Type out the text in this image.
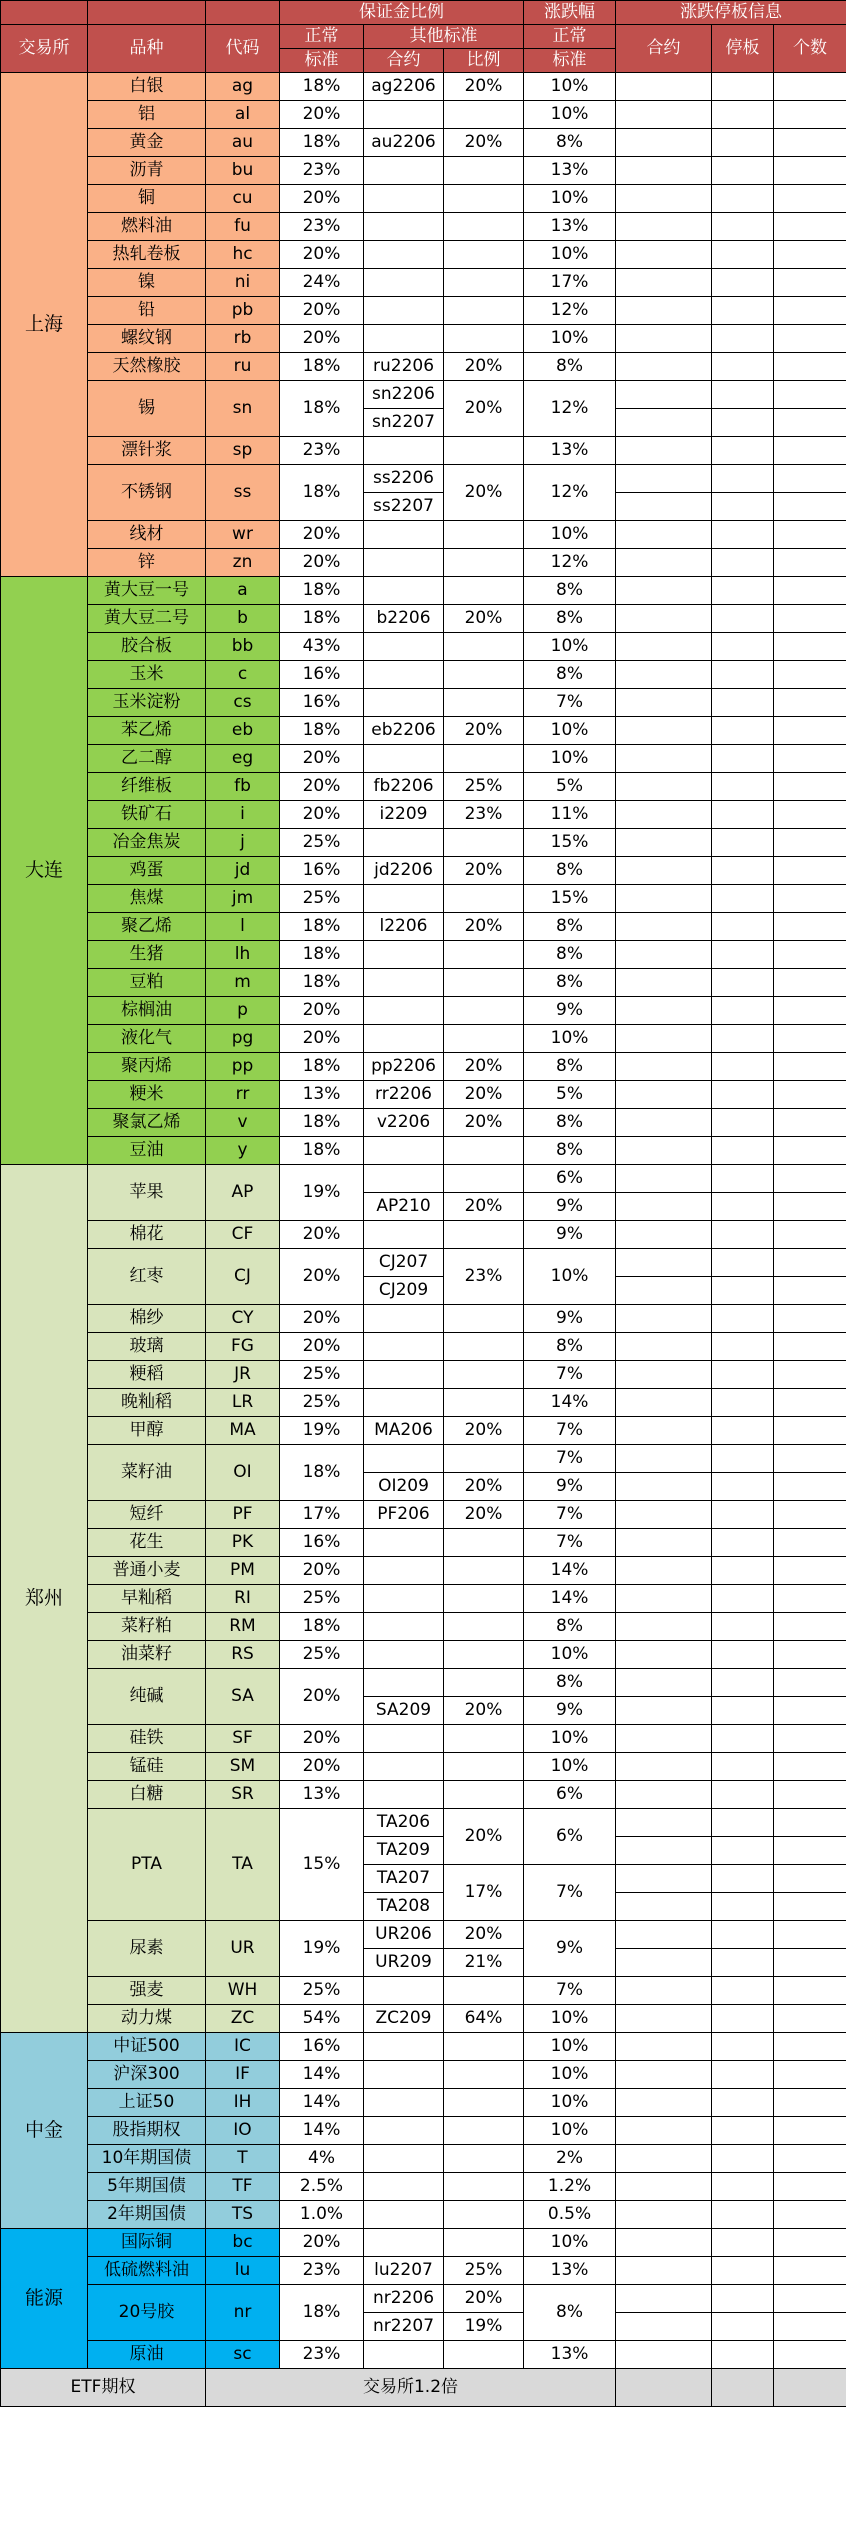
			保证金比例			涨跌幅	涨跌停板信息		
交易所	品种	代码	正常	其他标准		正常	合约	停板	个数
			标准	合约	比例	标准			
上海	白银	ag	18%	ag2206	20%	10%			
	铝	al	20%			10%			
	黄金	au	18%	au2206	20%	8%			
	沥青	bu	23%			13%			
	铜	cu	20%			10%			
	燃料油	fu	23%			13%			
	热轧卷板	hc	20%			10%			
	镍	ni	24%			17%			
	铅	pb	20%			12%			
	螺纹钢	rb	20%			10%			
	天然橡胶	ru	18%	ru2206	20%	8%			
	锡	sn	18%	sn2206	20%	12%			
				sn2207					
	漂针浆	sp	23%			13%			
	不锈钢	ss	18%	ss2206	20%	12%			
				ss2207					
	线材	wr	20%			10%			
	锌	zn	20%			12%			
大连	黄大豆一号	a	18%			8%			
	黄大豆二号	b	18%	b2206	20%	8%			
	胶合板	bb	43%			10%			
	玉米	c	16%			8%			
	玉米淀粉	cs	16%			7%			
	苯乙烯	eb	18%	eb2206	20%	10%			
	乙二醇	eg	20%			10%			
	纤维板	fb	20%	fb2206	25%	5%			
	铁矿石	i	20%	i2209	23%	11%			
	冶金焦炭	j	25%			15%			
	鸡蛋	jd	16%	jd2206	20%	8%			
	焦煤	jm	25%			15%			
	聚乙烯	l	18%	l2206	20%	8%			
	生猪	lh	18%			8%			
	豆粕	m	18%			8%			
	棕榈油	p	20%			9%			
	液化气	pg	20%			10%			
	聚丙烯	pp	18%	pp2206	20%	8%			
	粳米	rr	13%	rr2206	20%	5%			
	聚氯乙烯	v	18%	v2206	20%	8%			
	豆油	y	18%			8%			
郑州	苹果	AP	19%			6%			
				AP210	20%	9%			
	棉花	CF	20%			9%			
	红枣	CJ	20%	CJ207	23%	10%			
				CJ209					
	棉纱	CY	20%			9%			
	玻璃	FG	20%			8%			
	粳稻	JR	25%			7%			
	晚籼稻	LR	25%			14%			
	甲醇	MA	19%	MA206	20%	7%			
	菜籽油	OI	18%			7%			
				OI209	20%	9%			
	短纤	PF	17%	PF206	20%	7%			
	花生	PK	16%			7%			
	普通小麦	PM	20%			14%			
	早籼稻	RI	25%			14%			
	菜籽粕	RM	18%			8%			
	油菜籽	RS	25%			10%			
	纯碱	SA	20%			8%			
				SA209	20%	9%			
	硅铁	SF	20%			10%			
	锰硅	SM	20%			10%			
	白糖	SR	13%			6%			
	PTA	TA	15%	TA206	20%	6%			
				TA209					
				TA207	17%	7%			
				TA208					
	尿素	UR	19%	UR206	20%	9%			
				UR209	21%				
	强麦	WH	25%			7%			
	动力煤	ZC	54%	ZC209	64%	10%			
中金	中证500	IC	16%			10%			
	沪深300	IF	14%			10%			
	上证50	IH	14%			10%			
	股指期权	IO	14%			10%			
	10年期国债	T	4%			2%			
	5年期国债	TF	2.5%			1.2%			
	2年期国债	TS	1.0%			0.5%			
能源	国际铜	bc	20%			10%			
	低硫燃料油	lu	23%	lu2207	25%	13%			
	20号胶	nr	18%	nr2206	20%	8%			
				nr2207	19%				
	原油	sc	23%			13%			
ETF期权		交易所1.2倍							
